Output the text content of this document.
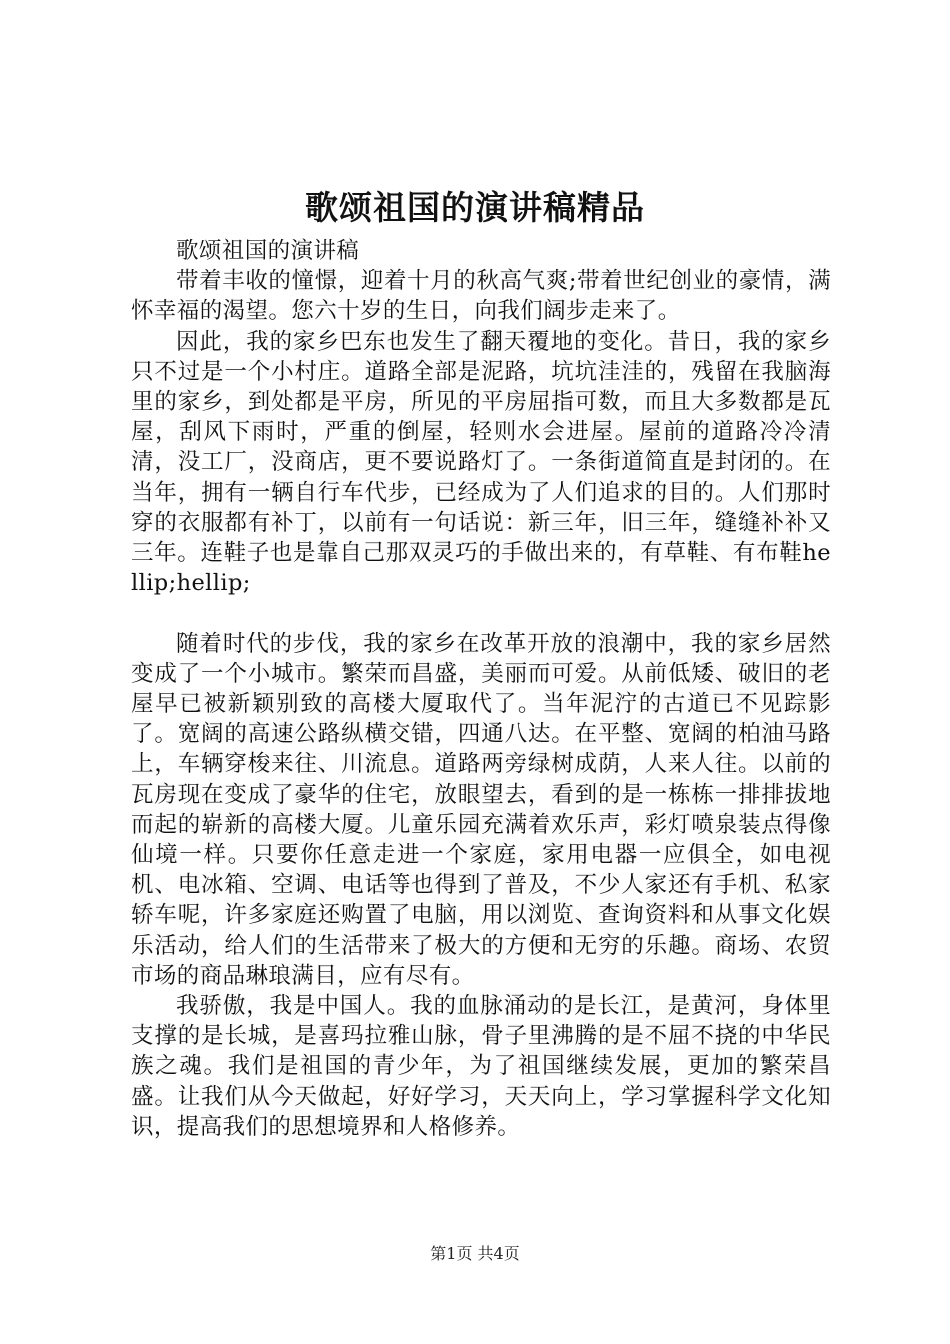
歌颂祖国的演讲稿精品

歌颂祖国的演讲稿

带着丰收的憧憬，迎着十月的秋高气爽;带着世纪创业的豪情，满怀幸福的渴望。您六十岁的生日，向我们阔步走来了。

因此，我的家乡巴东也发生了翻天覆地的变化。昔日，我的家乡只不过是一个小村庄。道路全部是泥路，坑坑洼洼的，残留在我脑海里的家乡，到处都是平房，所见的平房屈指可数，而且大多数都是瓦屋，刮风下雨时，严重的倒屋，轻则水会进屋。屋前的道路冷冷清清，没工厂，没商店，更不要说路灯了。一条街道简直是封闭的。在当年，拥有一辆自行车代步，已经成为了人们追求的目的。人们那时穿的衣服都有补丁，以前有一句话说：新三年，旧三年，缝缝补补又三年。连鞋子也是靠自己那双灵巧的手做出来的，有草鞋、有布鞋hellip;hellip;

随着时代的步伐，我的家乡在改革开放的浪潮中，我的家乡居然变成了一个小城市。繁荣而昌盛，美丽而可爱。从前低矮、破旧的老屋早已被新颖别致的高楼大厦取代了。当年泥泞的古道已不见踪影了。宽阔的高速公路纵横交错，四通八达。在平整、宽阔的柏油马路上，车辆穿梭来往、川流息。道路两旁绿树成荫，人来人往。以前的瓦房现在变成了豪华的住宅，放眼望去，看到的是一栋栋一排排拔地而起的崭新的高楼大厦。儿童乐园充满着欢乐声，彩灯喷泉装点得像仙境一样。只要你任意走进一个家庭，家用电器一应俱全，如电视机、电冰箱、空调、电话等也得到了普及，不少人家还有手机、私家轿车呢，许多家庭还购置了电脑，用以浏览、查询资料和从事文化娱乐活动，给人们的生活带来了极大的方便和无穷的乐趣。商场、农贸市场的商品琳琅满目，应有尽有。

我骄傲，我是中国人。我的血脉涌动的是长江，是黄河，身体里支撑的是长城，是喜玛拉雅山脉，骨子里沸腾的是不屈不挠的中华民族之魂。我们是祖国的青少年，为了祖国继续发展，更加的繁荣昌盛。让我们从今天做起，好好学习，天天向上，学习掌握科学文化知识，提高我们的思想境界和人格修养。

第1页 共4页
